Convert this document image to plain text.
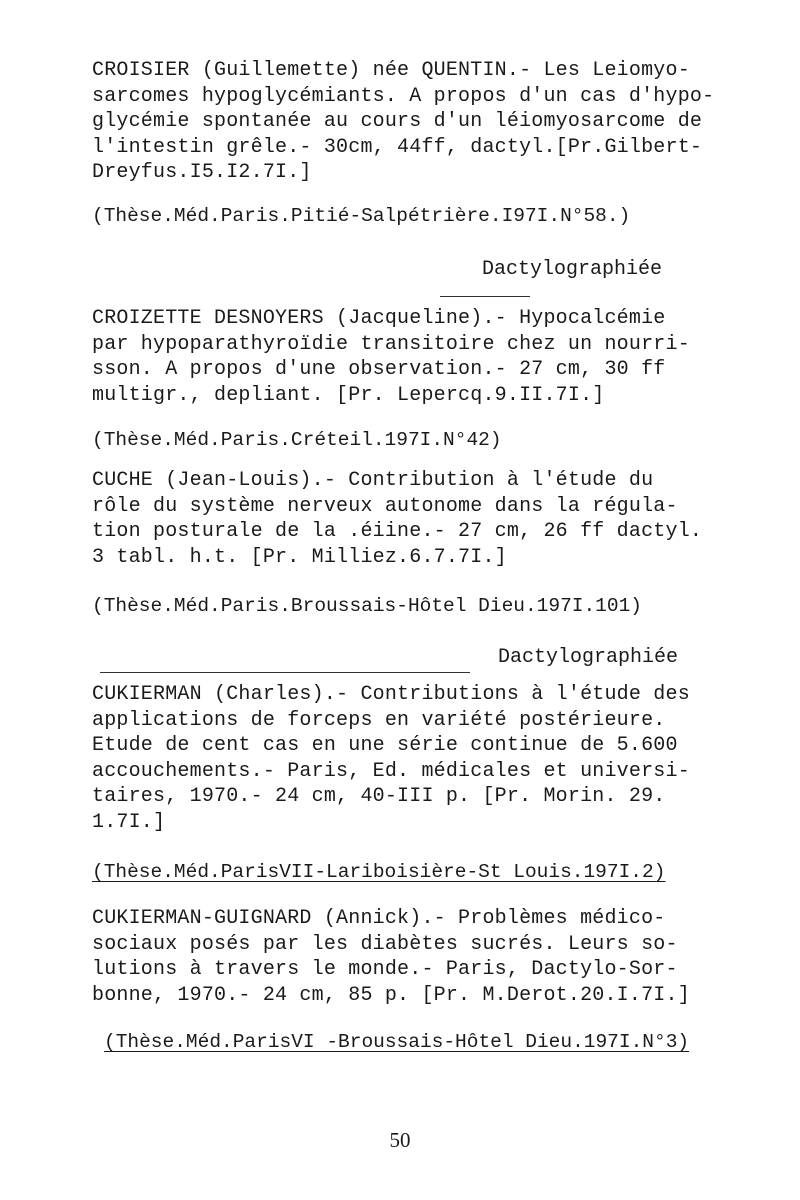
CROISIER (Guillemette) née QUENTIN.- Les Leiomyo-
sarcomes hypoglycémiants. A propos d'un cas d'hypo-
glycémie spontanée au cours d'un léiomyosarcome de
l'intestin grêle.- 30cm, 44ff, dactyl.[Pr.Gilbert-
Dreyfus.I5.I2.7I.]
(Thèse.Méd.Paris.Pitié-Salpétrière.I97I.N°58.)
Dactylographiée
CROIZETTE DESNOYERS (Jacqueline).- Hypocalcémie
par hypoparathyroïdie transitoire chez un nourri-
sson. A propos d'une observation.- 27 cm, 30 ff
multigr., depliant. [Pr. Lepercq.9.II.7I.]
(Thèse.Méd.Paris.Créteil.197I.N°42)
CUCHE (Jean-Louis).- Contribution à l'étude du
rôle du système nerveux autonome dans la régula-
tion posturale de la .éiine.- 27 cm, 26 ff dactyl.
3 tabl. h.t. [Pr. Milliez.6.7.7I.]
(Thèse.Méd.Paris.Broussais-Hôtel Dieu.197I.101)
Dactylographiée
CUKIERMAN (Charles).- Contributions à l'étude des
applications de forceps en variété postérieure.
Etude de cent cas en une série continue de 5.600
accouchements.- Paris, Ed. médicales et universi-
taires, 1970.- 24 cm, 40-III p. [Pr. Morin. 29.
1.7I.]
(Thèse.Méd.ParisVII-Lariboisière-St Louis.197I.2)
CUKIERMAN-GUIGNARD (Annick).- Problèmes médico-
sociaux posés par les diabètes sucrés. Leurs so-
lutions à travers le monde.- Paris, Dactylo-Sor-
bonne, 1970.- 24 cm, 85 p. [Pr. M.Derot.20.I.7I.]
(Thèse.Méd.ParisVI -Broussais-Hôtel Dieu.197I.N°3)
50
